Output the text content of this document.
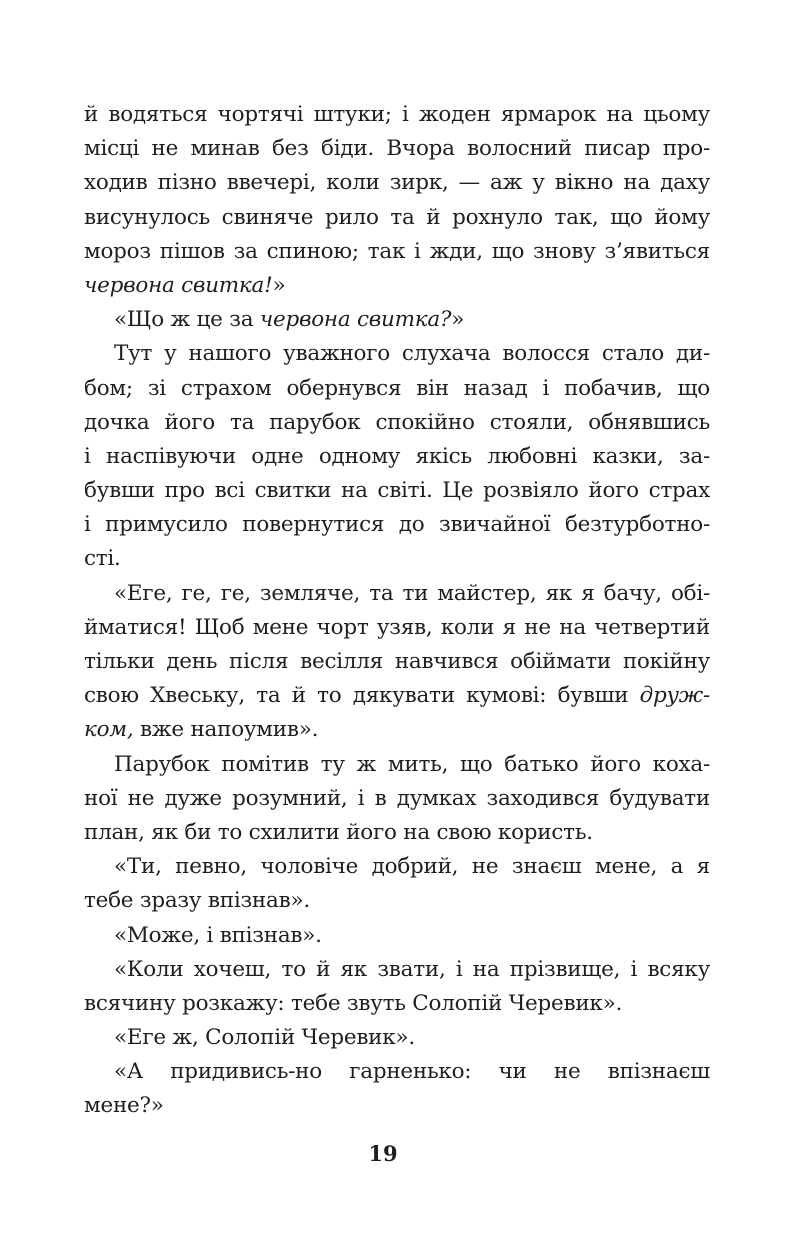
й водяться чортячі штуки; і жоден ярмарок на цьому
місці не минав без біди. Вчора волосний писар про-
ходив пізно ввечері, коли зирк, — аж у вікно на даху
висунулось свиняче рило та й рохнуло так, що йому
мороз пішов за спиною; так і жди, що знову з’явиться
червона свитка!»
«Що ж це за червона свитка?»
Тут у нашого уважного слухача волосся стало ди-
бом; зі страхом обернувся він назад і побачив, що
дочка його та парубок спокійно стояли, обнявшись
і наспівуючи одне одному якісь любовні казки, за-
бувши про всі свитки на світі. Це розвіяло його страх
і примусило повернутися до звичайної безтурботно-
сті.
«Еге, ге, ге, земляче, та ти майстер, як я бачу, обі-
йматися! Щоб мене чорт узяв, коли я не на четвертий
тільки день після весілля навчився обіймати покійну
свою Хвеську, та й то дякувати кумові: бувши друж-
ком, вже напоумив».
Парубок помітив ту ж мить, що батько його кохa-
ної не дуже розумний, і в думках заходився будувати
план, як би то схилити його на свою користь.
«Ти, певно, чоловіче добрий, не знаєш мене, а я
тебе зразу впізнав».
«Може, і впізнав».
«Коли хочеш, то й як звати, і на прізвище, і всяку
всячину розкажу: тебе звуть Солопій Черевик».
«Еге ж, Солопій Черевик».
«А придивись-но гарненько: чи не впізнаєш
мене?»
19
